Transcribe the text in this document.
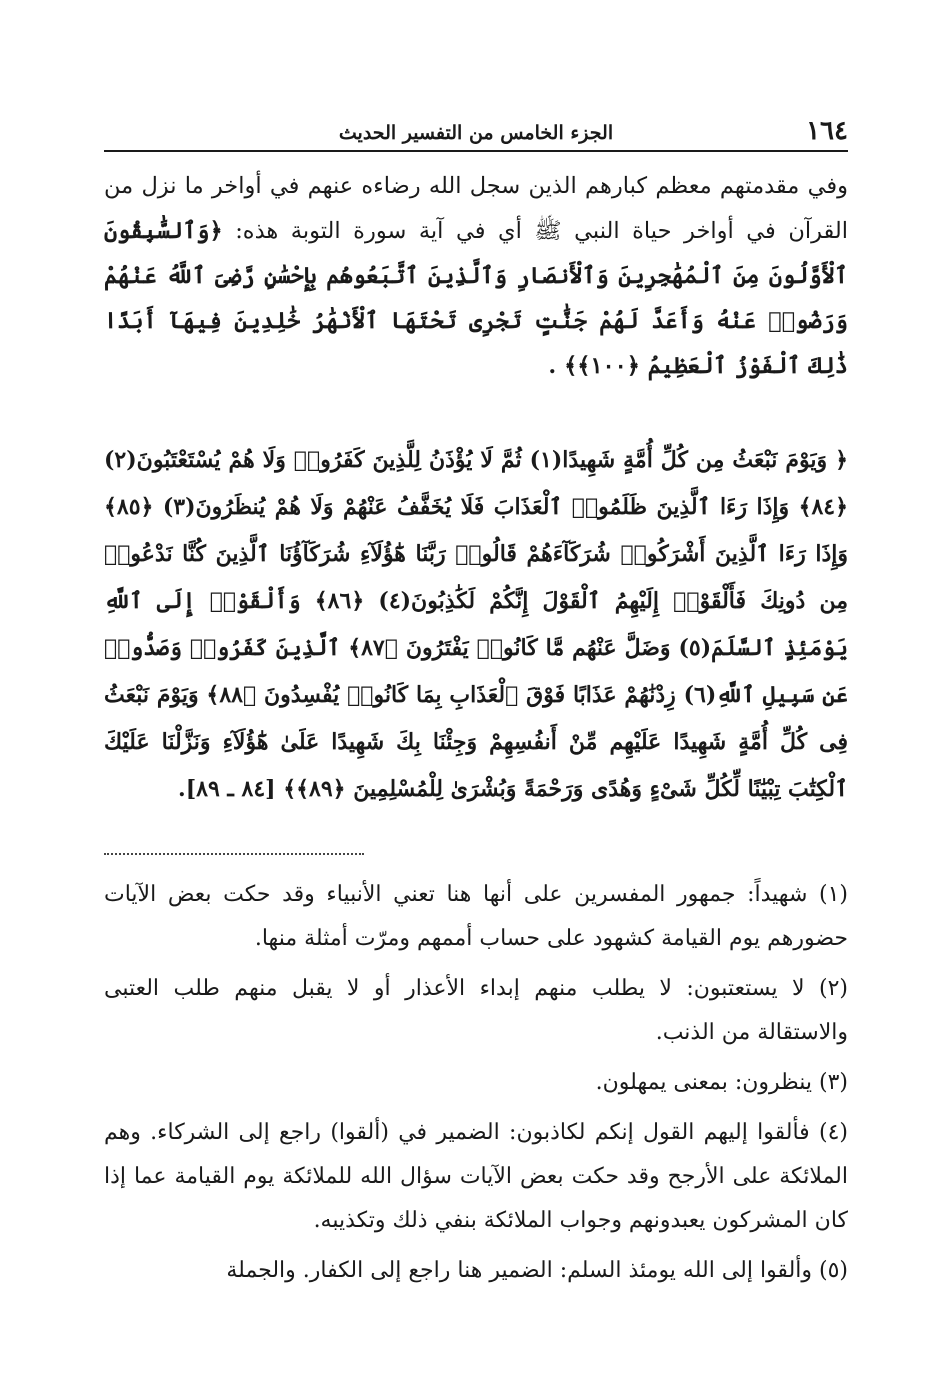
١٦٤
الجزء الخامس من التفسير الحديث

وفي مقدمتهم معظم كبارهم الذين سجل الله رضاءه عنهم في أواخر ما نزل من القرآن في أواخر حياة النبي ﷺ أي في آية سورة التوبة هذه: ﴿وَٱلسَّٰبِقُونَ ٱلْأَوَّلُونَ مِنَ ٱلْمُهَٰجِرِينَ وَٱلْأَنصَارِ وَٱلَّذِينَ ٱتَّبَعُوهُم بِإِحْسَٰنٍ رَّضِىَ ٱللَّهُ عَنْهُمْ وَرَضُوا۟ عَنْهُ وَأَعَدَّ لَهُمْ جَنَّٰتٍ تَجْرِى تَحْتَهَا ٱلْأَنْهَٰرُ خَٰلِدِينَ فِيهَآ أَبَدًا ذَٰلِكَ ٱلْفَوْزُ ٱلْعَظِيمُ ﴿١٠٠﴾﴾ .

﴿ وَيَوْمَ نَبْعَثُ مِن كُلِّ أُمَّةٍ شَهِيدًا(١) ثُمَّ لَا يُؤْذَنُ لِلَّذِينَ كَفَرُوا۟ وَلَا هُمْ يُسْتَعْتَبُونَ(٢) ﴿٨٤﴾ وَإِذَا رَءَا ٱلَّذِينَ ظَلَمُوا۟ ٱلْعَذَابَ فَلَا يُخَفَّفُ عَنْهُمْ وَلَا هُمْ يُنظَرُونَ(٣) ﴿٨٥﴾ وَإِذَا رَءَا ٱلَّذِينَ أَشْرَكُوا۟ شُرَكَآءَهُمْ قَالُوا۟ رَبَّنَا هَٰٓؤُلَآءِ شُرَكَآؤُنَا ٱلَّذِينَ كُنَّا نَدْعُوا۟ مِن دُونِكَ فَأَلْقَوْا۟ إِلَيْهِمُ ٱلْقَوْلَ إِنَّكُمْ لَكَٰذِبُونَ(٤) ﴿٨٦﴾ وَأَلْقَوْا۟ إِلَى ٱللَّهِ يَوْمَئِذٍ ٱلسَّلَمَ(٥) وَضَلَّ عَنْهُم مَّا كَانُوا۟ يَفْتَرُونَ ﴿٨٧﴾ ٱلَّذِينَ كَفَرُوا۟ وَصَدُّوا۟ عَن سَبِيلِ ٱللَّهِ(٦) زِدْنَٰهُمْ عَذَابًا فَوْقَ ٱلْعَذَابِ بِمَا كَانُوا۟ يُفْسِدُونَ ﴿٨٨﴾ وَيَوْمَ نَبْعَثُ فِى كُلِّ أُمَّةٍ شَهِيدًا عَلَيْهِم مِّنْ أَنفُسِهِمْ وَجِئْنَا بِكَ شَهِيدًا عَلَىٰ هَٰٓؤُلَآءِ وَنَزَّلْنَا عَلَيْكَ ٱلْكِتَٰبَ تِبْيَٰنًا لِّكُلِّ شَىْءٍ وَهُدًى وَرَحْمَةً وَبُشْرَىٰ لِلْمُسْلِمِينَ ﴿٨٩﴾﴾ [٨٤ ـ ٨٩].

(١) شهيداً: جمهور المفسرين على أنها هنا تعني الأنبياء وقد حكت بعض الآيات حضورهم يوم القيامة كشهود على حساب أممهم ومرّت أمثلة منها.

(٢) لا يستعتبون: لا يطلب منهم إبداء الأعذار أو لا يقبل منهم طلب العتبى والاستقالة من الذنب.

(٣) ينظرون: بمعنى يمهلون.

(٤) فألقوا إليهم القول إنكم لكاذبون: الضمير في (ألقوا) راجع إلى الشركاء. وهم الملائكة على الأرجح وقد حكت بعض الآيات سؤال الله للملائكة يوم القيامة عما إذا كان المشركون يعبدونهم وجواب الملائكة بنفي ذلك وتكذيبه.

(٥) وألقوا إلى الله يومئذ السلم: الضمير هنا راجع إلى الكفار. والجملة
